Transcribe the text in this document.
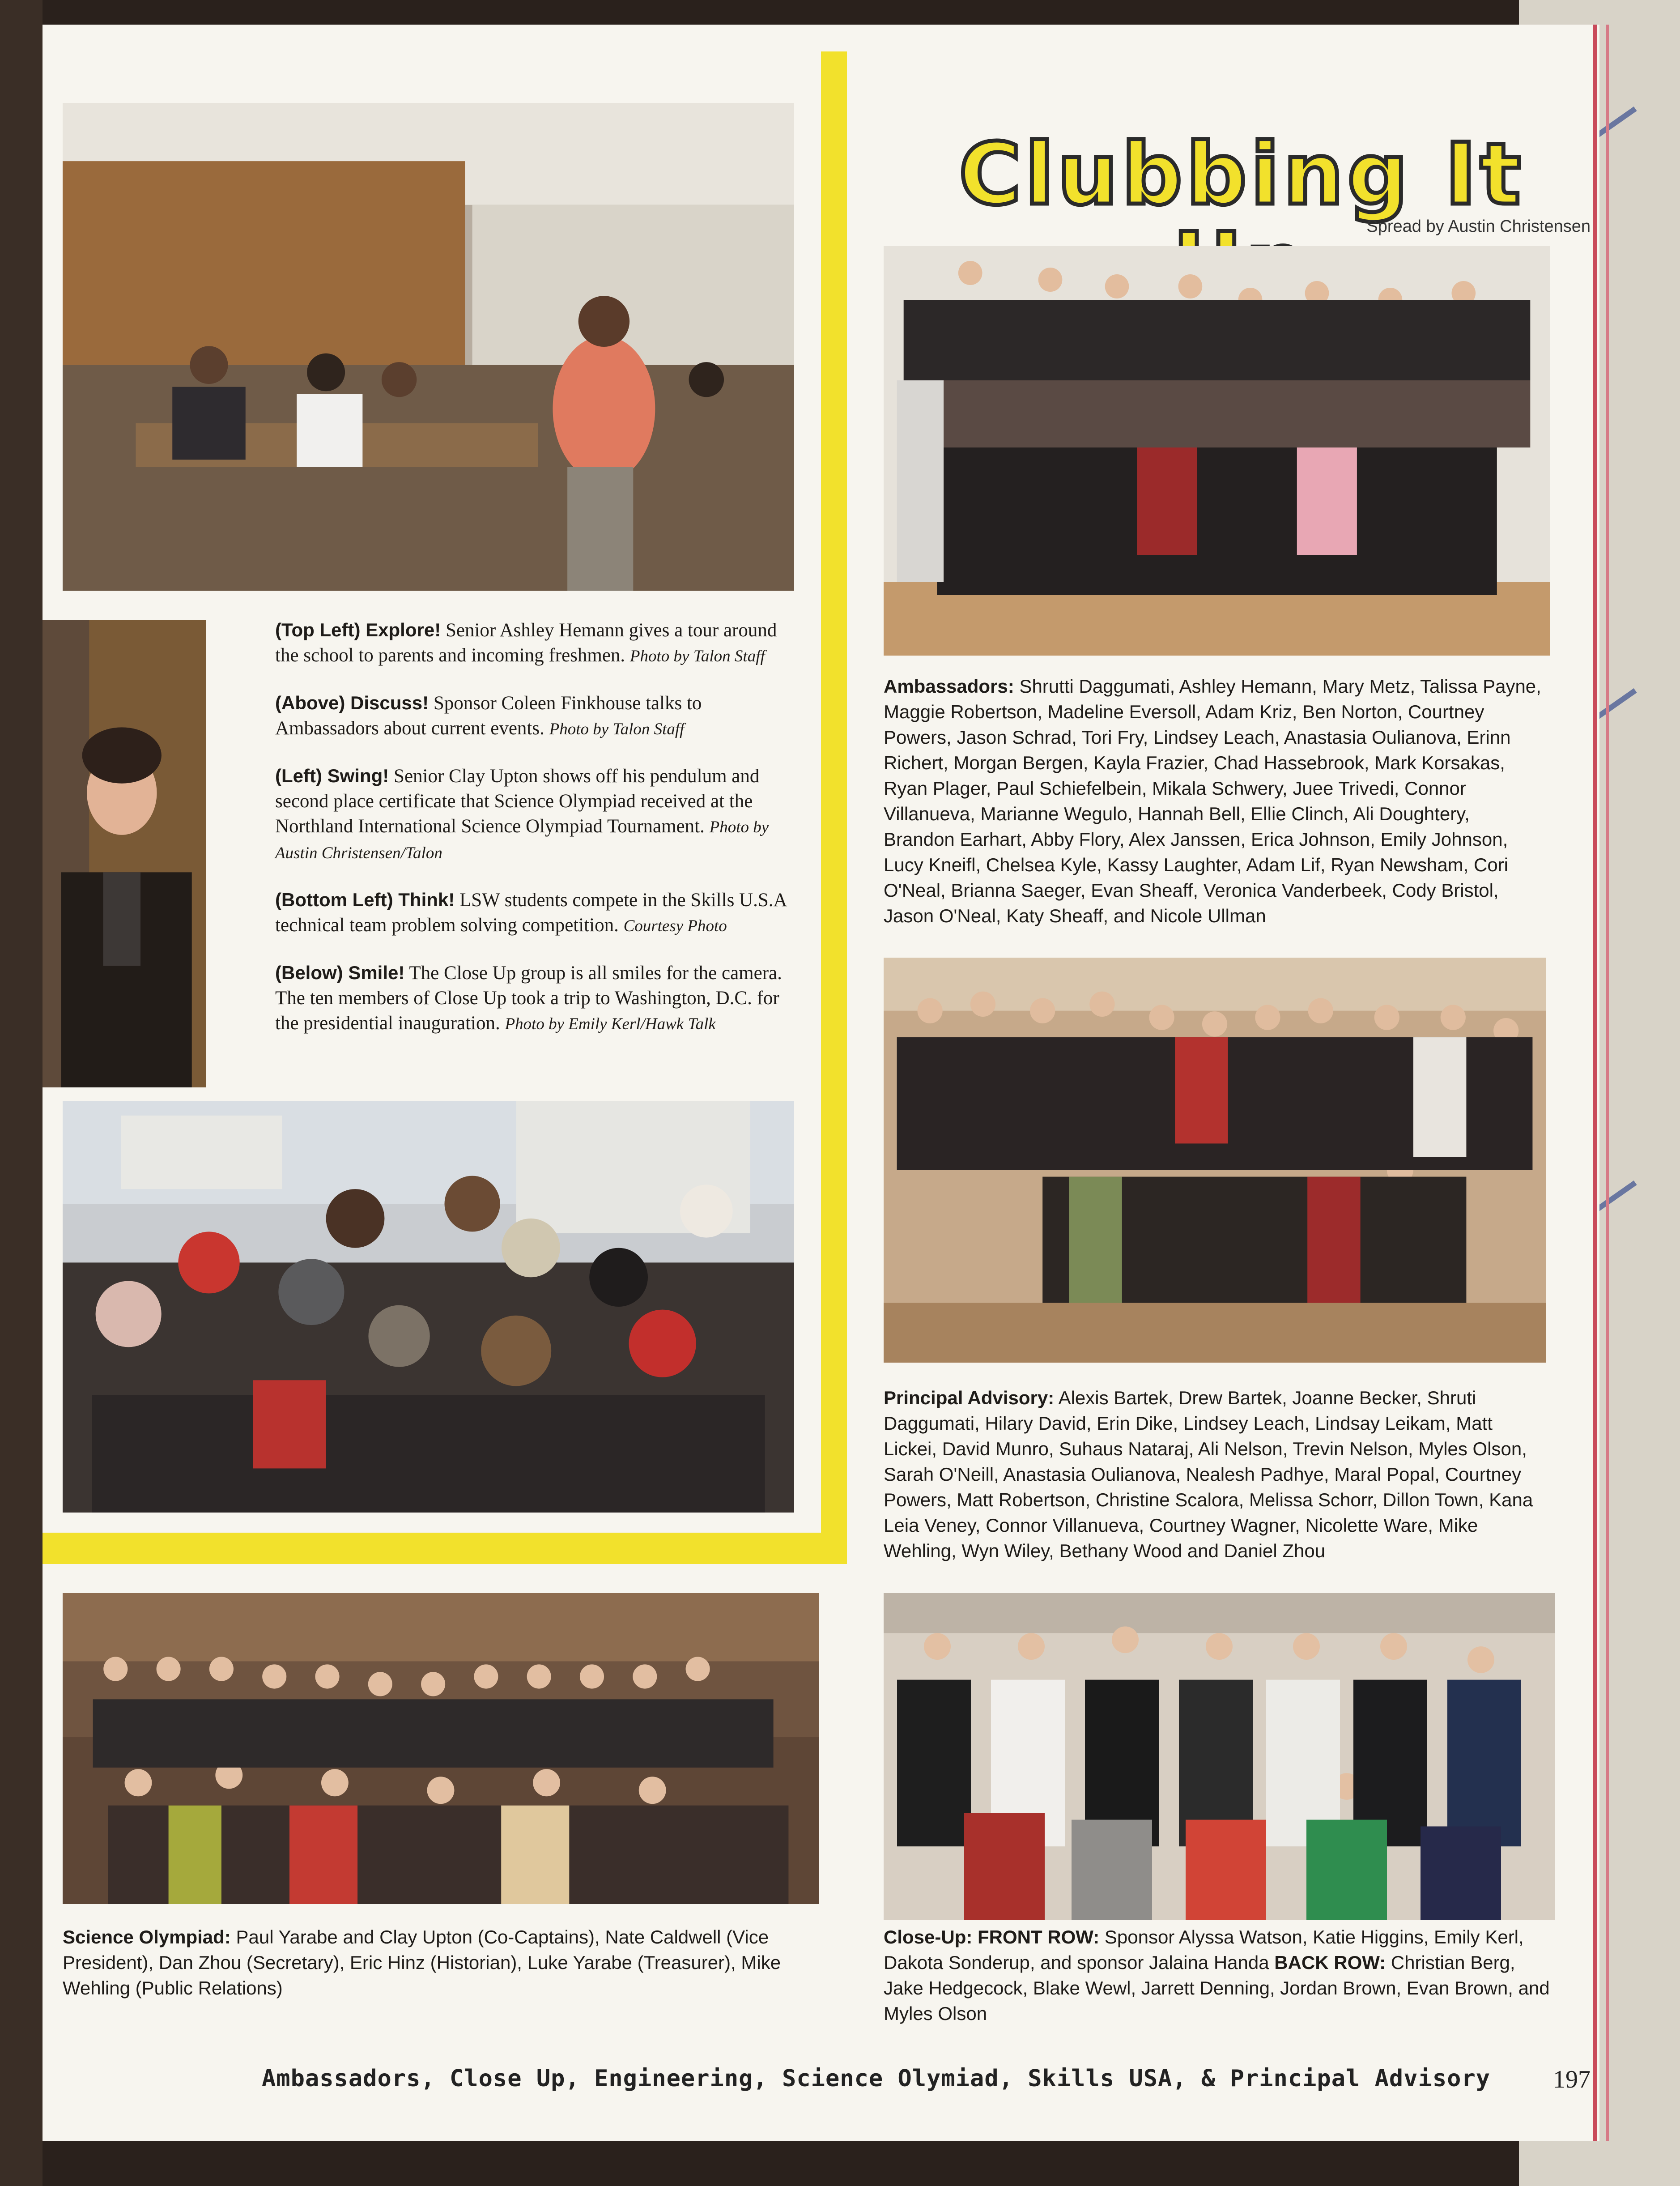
(Top Left) Explore! Senior Ashley Hemann gives a tour around the school to parents and incoming freshmen. Photo by Talon Staff

(Above) Discuss! Sponsor Coleen Finkhouse talks to Ambassadors about current events. Photo by Talon Staff

(Left) Swing! Senior Clay Upton shows off his pendulum and second place certificate that Science Olympiad received at the Northland International Science Olympiad Tournament. Photo by Austin Christensen/Talon

(Bottom Left) Think! LSW students compete in the Skills U.S.A technical team problem solving competition. Courtesy Photo

(Below) Smile! The Close Up group is all smiles for the camera. The ten members of Close Up took a trip to Washington, D.C. for the presidential inauguration. Photo by Emily Kerl/Hawk Talk

Clubbing It
Spread by Austin Christensen
Ambassadors: Shrutti Daggumati, Ashley Hemann, Mary Metz, Talissa Payne, Maggie Robertson, Madeline Eversoll, Adam Kriz, Ben Norton, Courtney Powers, Jason Schrad, Tori Fry, Lindsey Leach, Anastasia Oulianova, Erinn Richert, Morgan Bergen, Kayla Frazier, Chad Hassebrook, Mark Korsakas, Ryan Plager, Paul Schiefelbein, Mikala Schwery, Juee Trivedi, Connor Villanueva, Marianne Wegulo, Hannah Bell, Ellie Clinch, Ali Doughtery, Brandon Earhart, Abby Flory, Alex Janssen, Erica Johnson, Emily Johnson, Lucy Kneifl, Chelsea Kyle, Kassy Laughter, Adam Lif, Ryan Newsham, Cori O'Neal, Brianna Saeger, Evan Sheaff, Veronica Vanderbeek, Cody Bristol, Jason O'Neal, Katy Sheaff, and Nicole Ullman
Principal Advisory: Alexis Bartek, Drew Bartek, Joanne Becker, Shruti Daggumati, Hilary David, Erin Dike, Lindsey Leach, Lindsay Leikam, Matt Lickei, David Munro, Suhaus Nataraj, Ali Nelson, Trevin Nelson, Myles Olson, Sarah O'Neill, Anastasia Oulianova, Nealesh Padhye, Maral Popal, Courtney Powers, Matt Robertson, Christine Scalora, Melissa Schorr, Dillon Town, Kana Leia Veney, Connor Villanueva, Courtney Wagner, Nicolette Ware, Mike Wehling, Wyn Wiley, Bethany Wood and Daniel Zhou
Science Olympiad: Paul Yarabe and Clay Upton (Co-Captains), Nate Caldwell (Vice President), Dan Zhou (Secretary), Eric Hinz (Historian), Luke Yarabe (Treasurer), Mike Wehling (Public Relations)
Close-Up: FRONT ROW: Sponsor Alyssa Watson, Katie Higgins, Emily Kerl, Dakota Sonderup, and sponsor Jalaina Handa BACK ROW: Christian Berg, Jake Hedgecock, Blake Wewl, Jarrett Denning, Jordan Brown, Evan Brown, and Myles Olson
Ambassadors, Close Up, Engineering, Science Olymiad, Skills USA, & Principal Advisory	197
